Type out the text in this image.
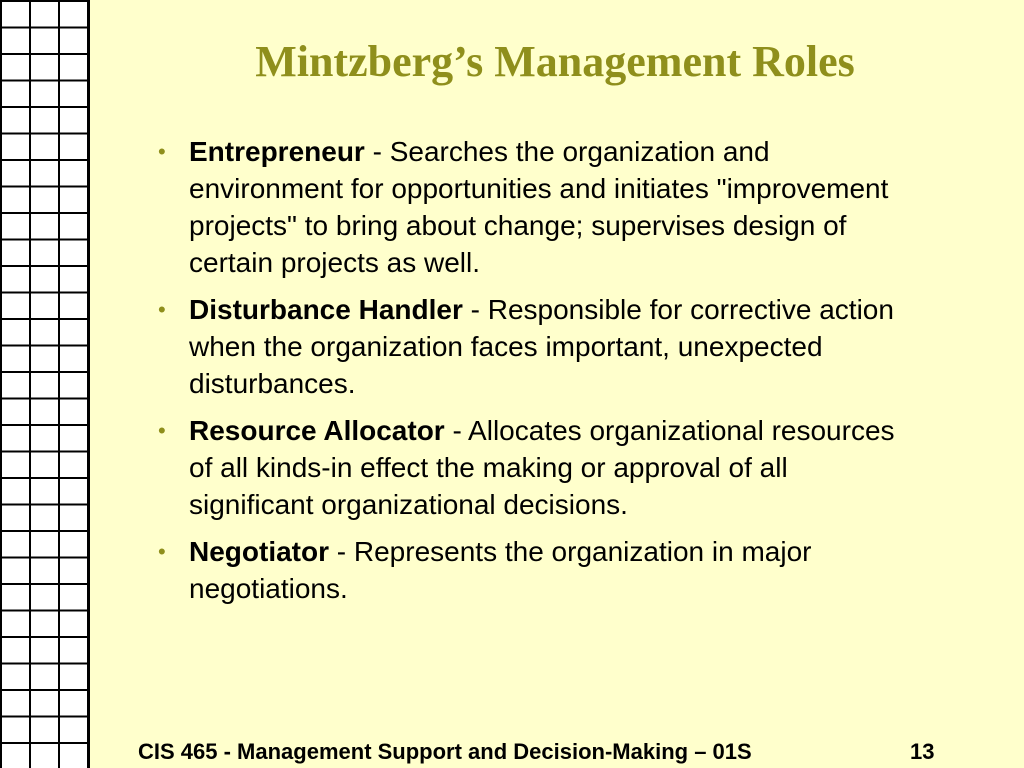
Mintzberg’s Management Roles
• Entrepreneur - Searches the organization and environment for opportunities and initiates "improvement projects" to bring about change; supervises design of certain projects as well.
• Disturbance Handler - Responsible for corrective action when the organization faces important, unexpected disturbances.
• Resource Allocator - Allocates organizational resources of all kinds-in effect the making or approval of all significant organizational decisions.
• Negotiator - Represents the organization in major negotiations.
CIS 465 - Management Support and Decision-Making – 01S	13
